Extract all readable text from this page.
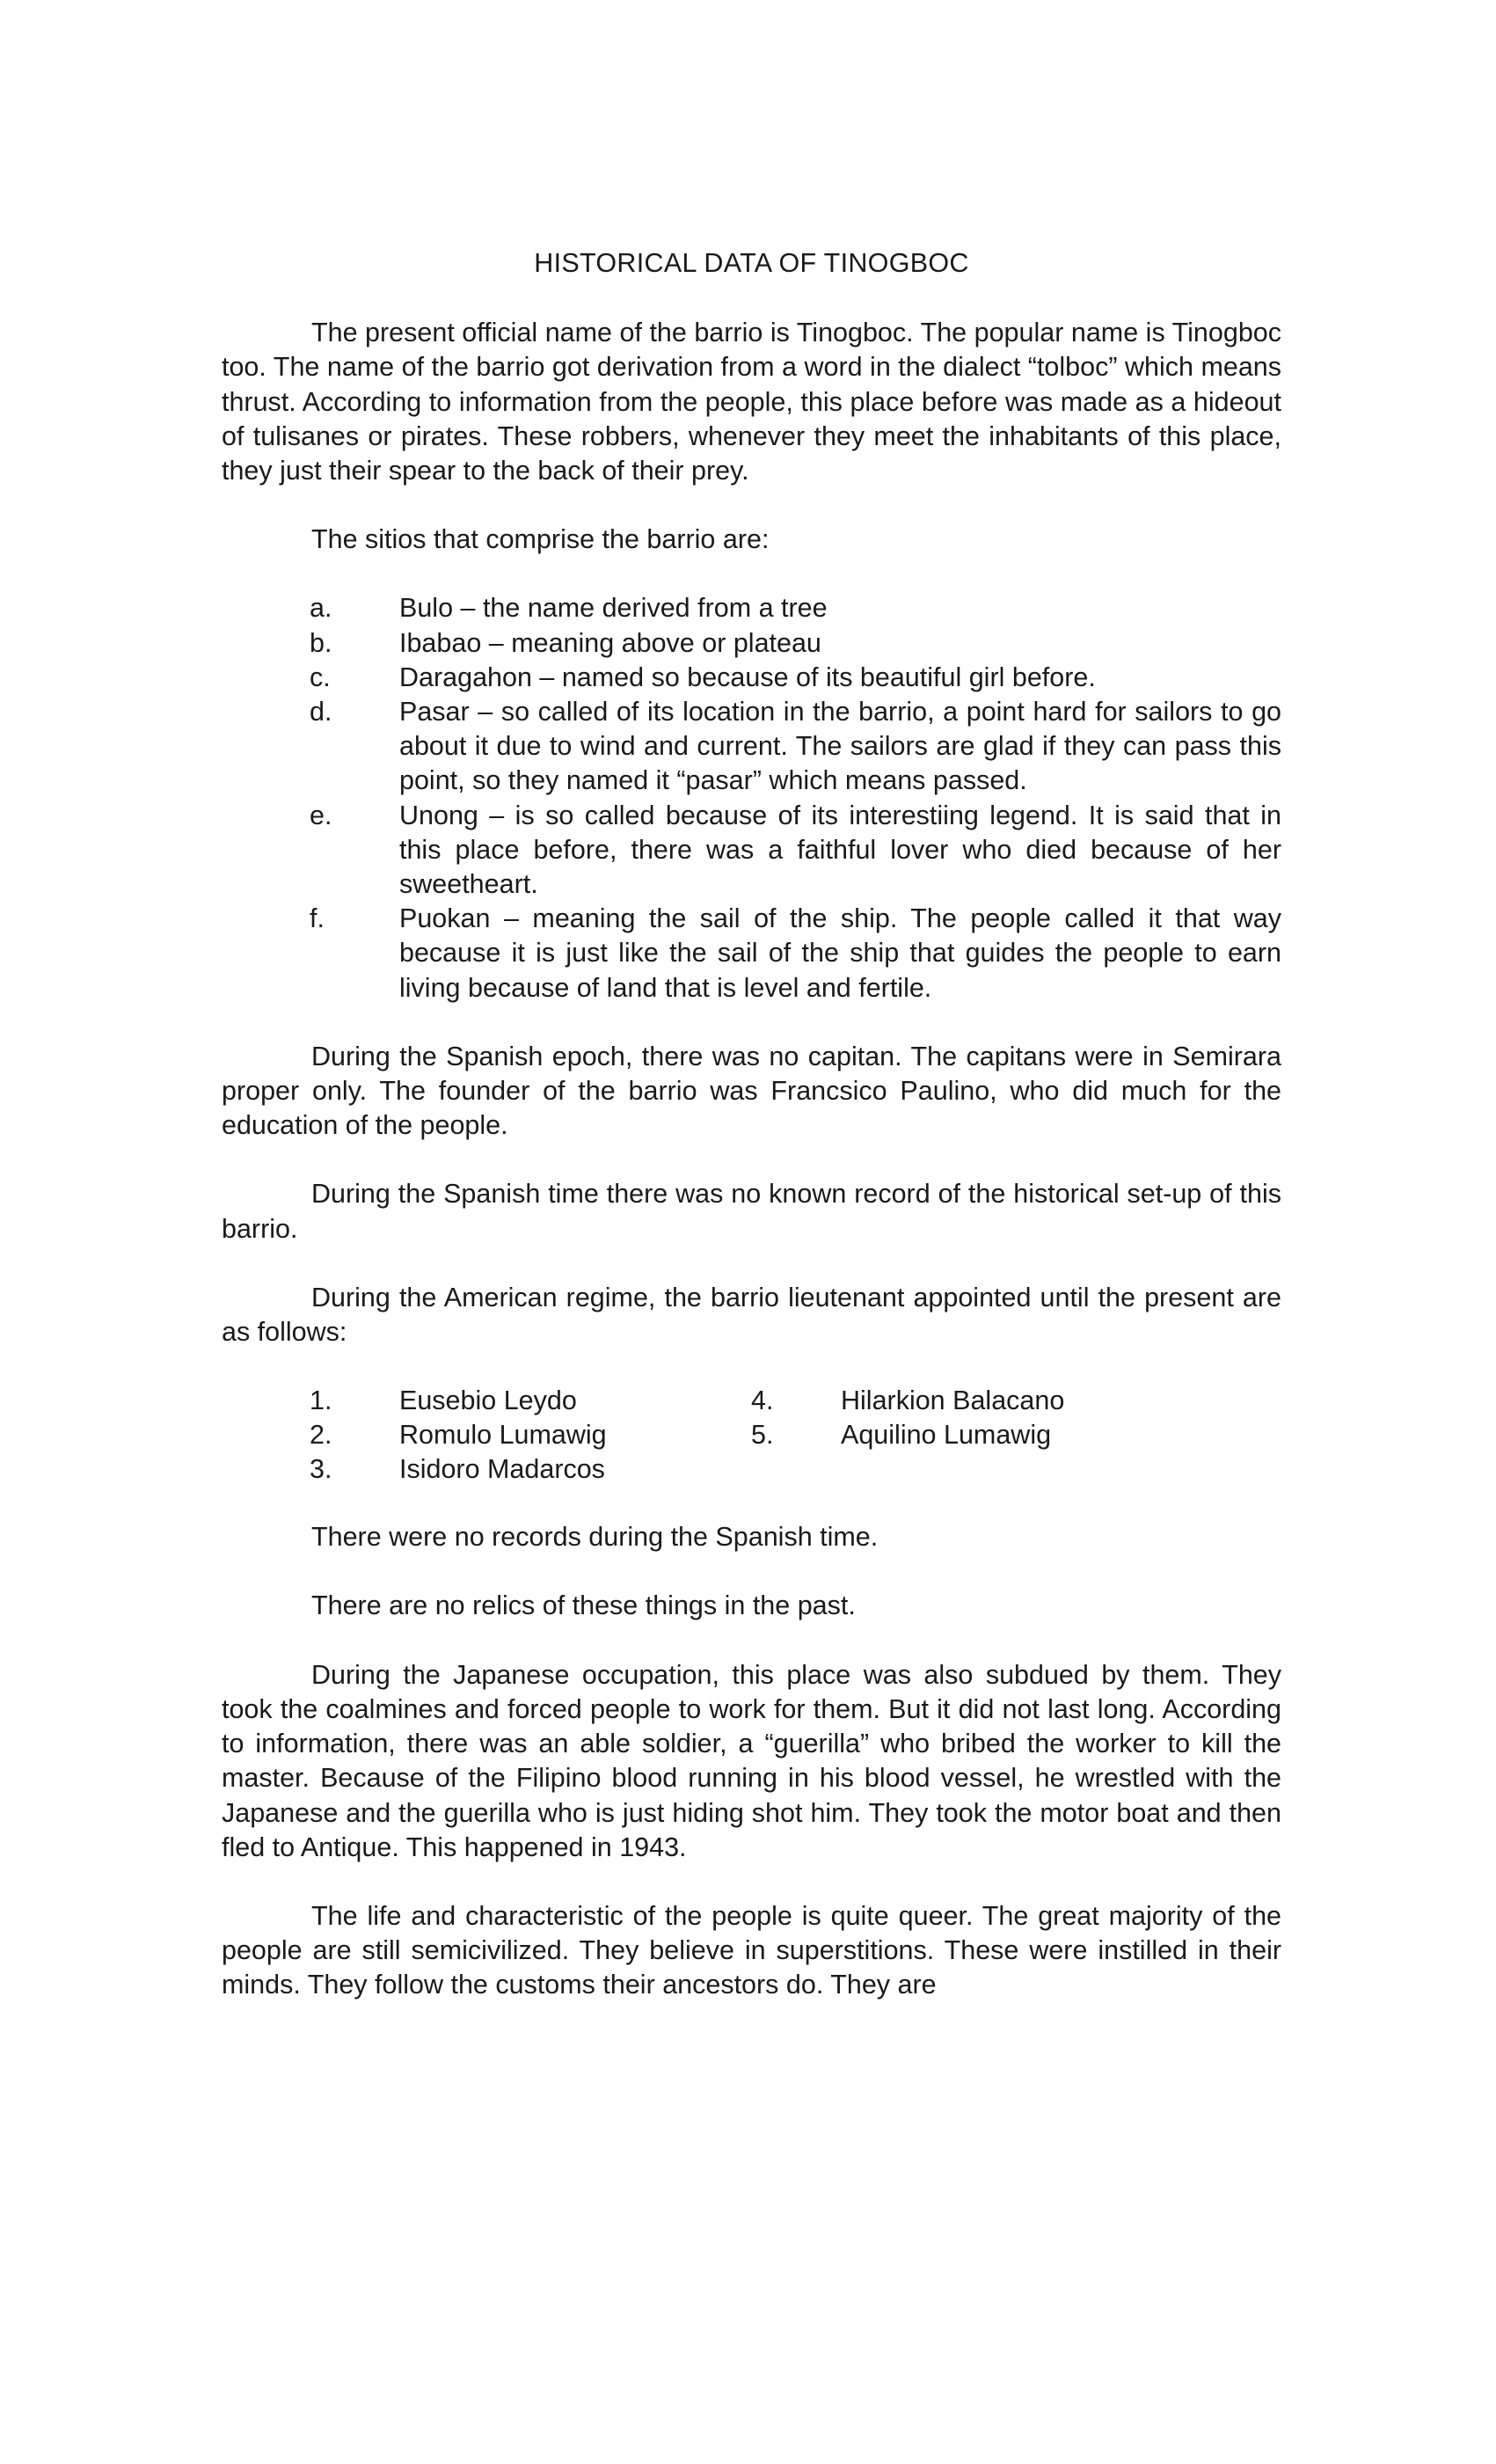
HISTORICAL DATA OF TINOGBOC

The present official name of the barrio is Tinogboc. The popular name is Tinogboc too. The name of the barrio got derivation from a word in the dialect “tolboc” which means thrust. According to information from the people, this place before was made as a hideout of tulisanes or pirates. These robbers, whenever they meet the inhabitants of this place, they just their spear to the back of their prey.

The sitios that comprise the barrio are:

a.	Bulo – the name derived from a tree
b.	Ibabao – meaning above or plateau
c.	Daragahon – named so because of its beautiful girl before.
d.	Pasar – so called of its location in the barrio, a point hard for sailors to go about it due to wind and current. The sailors are glad if they can pass this point, so they named it “pasar” which means passed.
e.	Unong – is so called because of its interestiing legend. It is said that in this place before, there was a faithful lover who died because of her sweetheart.
f.	Puokan – meaning the sail of the ship. The people called it that way because it is just like the sail of the ship that guides the people to earn living because of land that is level and fertile.

During the Spanish epoch, there was no capitan. The capitans were in Semirara proper only. The founder of the barrio was Francsico Paulino, who did much for the education of the people.

During the Spanish time there was no known record of the historical set-up of this barrio.

During the American regime, the barrio lieutenant appointed until the present are as follows:

1.	Eusebio Leydo
2.	Romulo Lumawig
3.	Isidoro Madarcos
4.	Hilarkion Balacano
5.	Aquilino Lumawig

There were no records during the Spanish time.

There are no relics of these things in the past.

During the Japanese occupation, this place was also subdued by them. They took the coalmines and forced people to work for them. But it did not last long. According to information, there was an able soldier, a “guerilla” who bribed the worker to kill the master. Because of the Filipino blood running in his blood vessel, he wrestled with the Japanese and the guerilla who is just hiding shot him. They took the motor boat and then fled to Antique. This happened in 1943.

The life and characteristic of the people is quite queer. The great majority of the people are still semicivilized. They believe in superstitions. These were instilled in their minds. They follow the customs their ancestors do. They are
